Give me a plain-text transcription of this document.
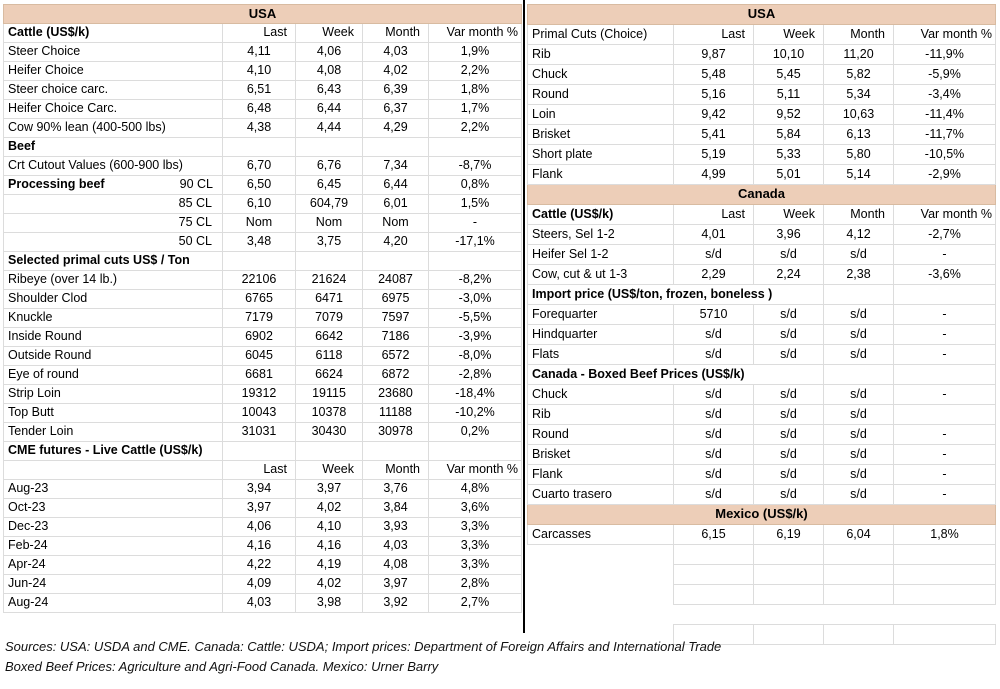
USA				
Cattle (US$/k)	Last	Week	Month	Var month %
Steer Choice	4,11	4,06	4,03	1,9%
Heifer Choice	4,10	4,08	4,02	2,2%
Steer choice carc.	6,51	6,43	6,39	1,8%
Heifer Choice Carc.	6,48	6,44	6,37	1,7%
Cow 90% lean (400-500 lbs)	4,38	4,44	4,29	2,2%
Beef				
Crt Cutout Values (600-900 lbs)	6,70	6,76	7,34	-8,7%

Processing beef 90 CL	6,50	6,45	6,44	0,8%
85 CL	6,10	604,79	6,01	1,5%
75 CL	Nom	Nom	Nom	-
50 CL	3,48	3,75	4,20	-17,1%
Selected primal cuts US$ / Ton				
Ribeye (over 14 lb.)	22106	21624	24087	-8,2%
Shoulder Clod	6765	6471	6975	-3,0%
Knuckle	7179	7079	7597	-5,5%
Inside Round	6902	6642	7186	-3,9%
Outside Round	6045	6118	6572	-8,0%
Eye of round	6681	6624	6872	-2,8%
Strip Loin	19312	19115	23680	-18,4%
Top Butt	10043	10378	11188	-10,2%
Tender Loin	31031	30430	30978	0,2%
CME futures - Live Cattle (US$/k)				
	Last	Week	Month	Var month %
Aug-23	3,94	3,97	3,76	4,8%
Oct-23	3,97	4,02	3,84	3,6%
Dec-23	4,06	4,10	3,93	3,3%
Feb-24	4,16	4,16	4,03	3,3%
Apr-24	4,22	4,19	4,08	3,3%
Jun-24	4,09	4,02	3,97	2,8%
Aug-24	4,03	3,98	3,92	2,7%
USA				
Primal Cuts (Choice)	Last	Week	Month	Var month %
Rib	9,87	10,10	11,20	-11,9%
Chuck	5,48	5,45	5,82	-5,9%
Round	5,16	5,11	5,34	-3,4%
Loin	9,42	9,52	10,63	-11,4%
Brisket	5,41	5,84	6,13	-11,7%
Short plate	5,19	5,33	5,80	-10,5%
Flank	4,99	5,01	5,14	-2,9%
Canada				
Cattle (US$/k)	Last	Week	Month	Var month %
Steers, Sel 1-2	4,01	3,96	4,12	-2,7%
Heifer Sel 1-2	s/d	s/d	s/d	-
Cow, cut & ut 1-3	2,29	2,24	2,38	-3,6%
Import price (US$/ton, frozen, boneless )				
Forequarter	5710	s/d	s/d	-
Hindquarter	s/d	s/d	s/d	-
Flats	s/d	s/d	s/d	-
Canada - Boxed Beef Prices (US$/k)				
Chuck	s/d	s/d	s/d	-
Rib	s/d	s/d	s/d	
Round	s/d	s/d	s/d	-
Brisket	s/d	s/d	s/d	-
Flank	s/d	s/d	s/d	-
Cuarto trasero	s/d	s/d	s/d	-
Mexico (US$/k)				
Carcasses	6,15	6,19	6,04	1,8%

Sources: USA: USDA and CME. Canada: Cattle: USDA; Import prices: Department of Foreign Affairs and International Trade
Boxed Beef Prices: Agriculture and Agri-Food Canada. Mexico: Urner Barry
